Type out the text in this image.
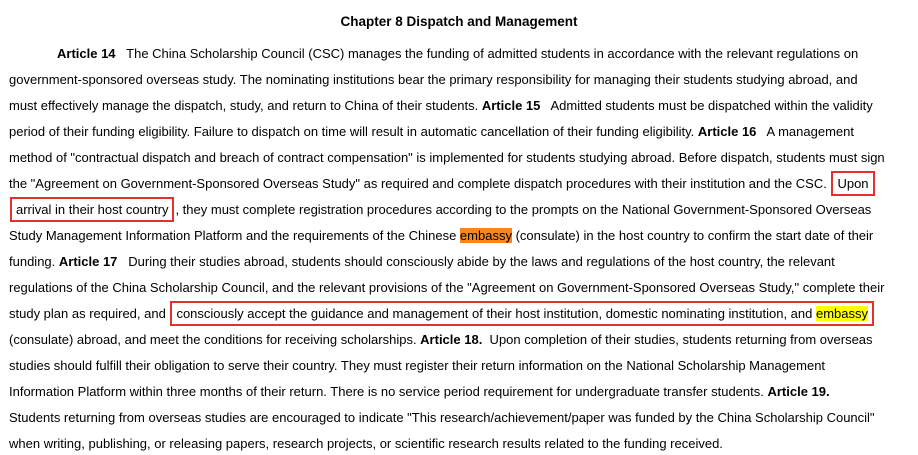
Chapter 8 Dispatch and Management
Article 14   The China Scholarship Council (CSC) manages the funding of admitted students in accordance with the relevant regulations on
government-sponsored overseas study. The nominating institutions bear the primary responsibility for managing their students studying abroad, and
must effectively manage the dispatch, study, and return to China of their students. Article 15   Admitted students must be dispatched within the validity
period of their funding eligibility. Failure to dispatch on time will result in automatic cancellation of their funding eligibility. Article 16   A management
method of "contractual dispatch and breach of contract compensation" is implemented for students studying abroad. Before dispatch, students must sign
the "Agreement on Government-Sponsored Overseas Study" as required and complete dispatch procedures with their institution and the CSC. Upon
arrival in their host country , they must complete registration procedures according to the prompts on the National Government-Sponsored Overseas
Study Management Information Platform and the requirements of the Chinese embassy (consulate) in the host country to confirm the start date of their
funding. Article 17   During their studies abroad, students should consciously abide by the laws and regulations of the host country, the relevant
regulations of the China Scholarship Council, and the relevant provisions of the "Agreement on Government-Sponsored Overseas Study," complete their
study plan as required, and consciously accept the guidance and management of their host institution, domestic nominating institution, and embassy
(consulate) abroad, and meet the conditions for receiving scholarships. Article 18.  Upon completion of their studies, students returning from overseas
studies should fulfill their obligation to serve their country. They must register their return information on the National Scholarship Management
Information Platform within three months of their return. There is no service period requirement for undergraduate transfer students. Article 19.
Students returning from overseas studies are encouraged to indicate "This research/achievement/paper was funded by the China Scholarship Council"
when writing, publishing, or releasing papers, research projects, or scientific research results related to the funding received.
